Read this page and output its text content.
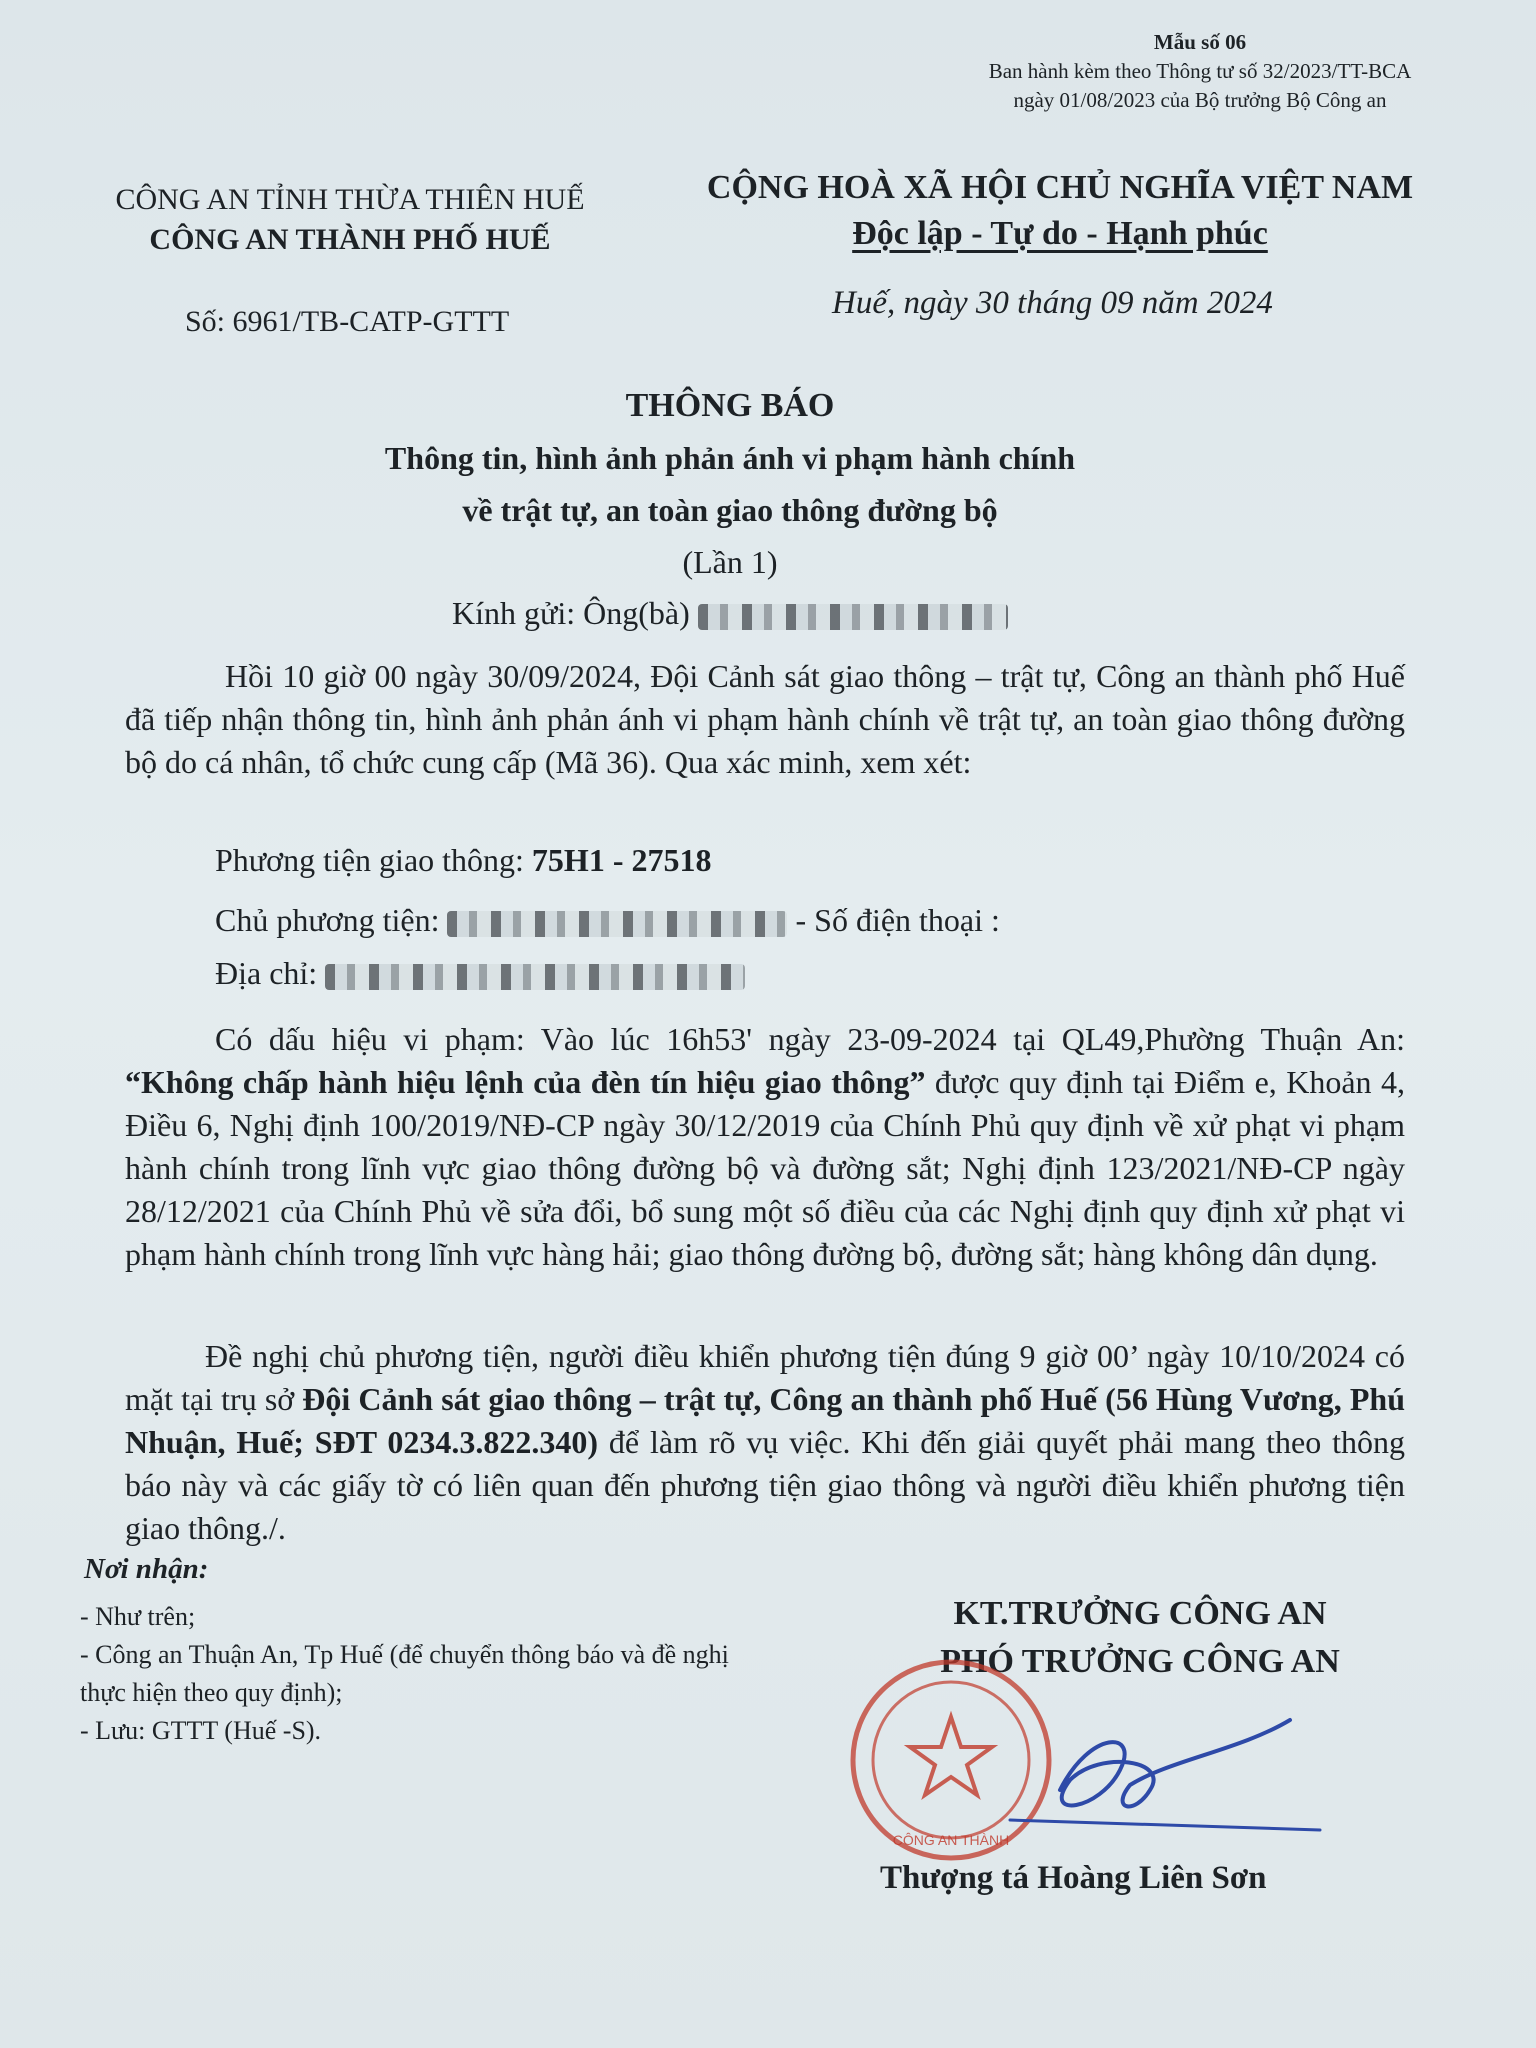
Mẫu số 06
Ban hành kèm theo Thông tư số 32/2023/TT-BCA
ngày 01/08/2023 của Bộ trưởng Bộ Công an
CÔNG AN TỈNH THỪA THIÊN HUẾ
CÔNG AN THÀNH PHỐ HUẾ
CỘNG HOÀ XÃ HỘI CHỦ NGHĨA VIỆT NAM
Độc lập - Tự do - Hạnh phúc
Số: 6961/TB-CATP-GTTT
Huế, ngày 30 tháng 09 năm 2024
THÔNG BÁO
Thông tin, hình ảnh phản ánh vi phạm hành chính
về trật tự, an toàn giao thông đường bộ
(Lần 1)
Kính gửi: Ông(bà)
Hồi 10 giờ 00 ngày 30/09/2024, Đội Cảnh sát giao thông – trật tự, Công an thành phố Huế đã tiếp nhận thông tin, hình ảnh phản ánh vi phạm hành chính về trật tự, an toàn giao thông đường bộ do cá nhân, tổ chức cung cấp (Mã 36). Qua xác minh, xem xét:
Phương tiện giao thông: 75H1 - 27518
Chủ phương tiện:	- Số điện thoại :
Địa chỉ:
Có dấu hiệu vi phạm: Vào lúc 16h53' ngày 23-09-2024 tại QL49,Phường Thuận An: “Không chấp hành hiệu lệnh của đèn tín hiệu giao thông” được quy định tại Điểm e, Khoản 4, Điều 6, Nghị định 100/2019/NĐ-CP ngày 30/12/2019 của Chính Phủ quy định về xử phạt vi phạm hành chính trong lĩnh vực giao thông đường bộ và đường sắt; Nghị định 123/2021/NĐ-CP ngày 28/12/2021 của Chính Phủ về sửa đổi, bổ sung một số điều của các Nghị định quy định xử phạt vi phạm hành chính trong lĩnh vực hàng hải; giao thông đường bộ, đường sắt; hàng không dân dụng.
Đề nghị chủ phương tiện, người điều khiển phương tiện đúng 9 giờ 00’ ngày 10/10/2024 có mặt tại trụ sở Đội Cảnh sát giao thông – trật tự, Công an thành phố Huế (56 Hùng Vương, Phú Nhuận, Huế; SĐT 0234.3.822.340) để làm rõ vụ việc. Khi đến giải quyết phải mang theo thông báo này và các giấy tờ có liên quan đến phương tiện giao thông và người điều khiển phương tiện giao thông./.
Nơi nhận:
- Như trên;
- Công an Thuận An, Tp Huế (để chuyển thông báo và đề nghị thực hiện theo quy định);
- Lưu: GTTT (Huế -S).
KT.TRƯỞNG CÔNG AN
PHÓ TRƯỞNG CÔNG AN
CÔNG AN THÀNH
Thượng tá Hoàng Liên Sơn
